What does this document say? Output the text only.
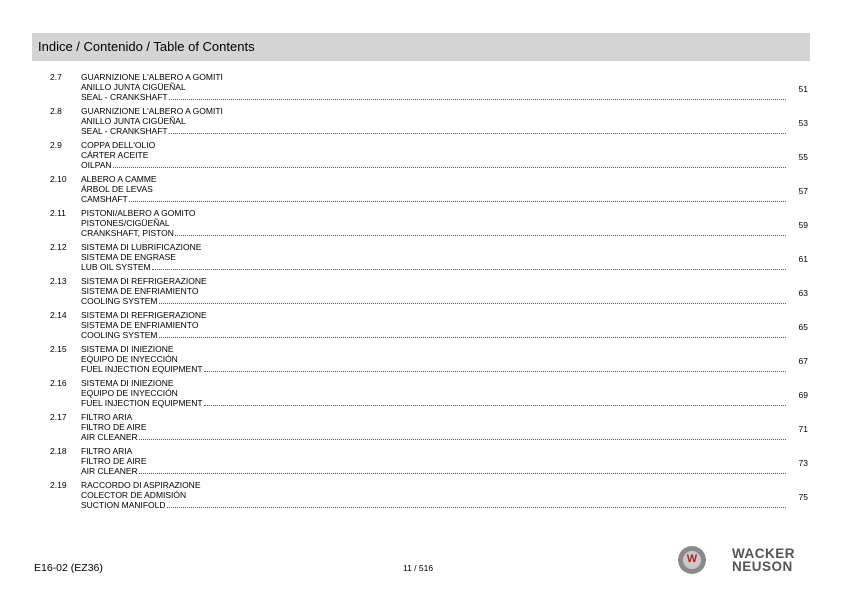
Indice / Contenido / Table of Contents
2.7 GUARNIZIONE L'ALBERO A GOMITI
ANILLO JUNTA CIGÜEÑAL
SEAL - CRANKSHAFT
51
2.8 GUARNIZIONE L'ALBERO A GOMITI
ANILLO JUNTA CIGÜEÑAL
SEAL - CRANKSHAFT
53
2.9 COPPA DELL'OLIO
CÁRTER ACEITE
OILPAN
55
2.10 ALBERO A CAMME
ÁRBOL DE LEVAS
CAMSHAFT
57
2.11 PISTONI/ALBERO A GOMITO
PISTONES/CIGÜEÑAL
CRANKSHAFT, PISTON
59
2.12 SISTEMA DI LUBRIFICAZIONE
SISTEMA DE ENGRASE
LUB OIL SYSTEM
61
2.13 SISTEMA DI REFRIGERAZIONE
SISTEMA DE ENFRIAMIENTO
COOLING SYSTEM
63
2.14 SISTEMA DI REFRIGERAZIONE
SISTEMA DE ENFRIAMIENTO
COOLING SYSTEM
65
2.15 SISTEMA DI INIEZIONE
EQUIPO DE INYECCIÓN
FUEL INJECTION EQUIPMENT
67
2.16 SISTEMA DI INIEZIONE
EQUIPO DE INYECCIÓN
FUEL INJECTION EQUIPMENT
69
2.17 FILTRO ARIA
FILTRO DE AIRE
AIR CLEANER
71
2.18 FILTRO ARIA
FILTRO DE AIRE
AIR CLEANER
73
2.19 RACCORDO DI ASPIRAZIONE
COLECTOR DE ADMISIÓN
SUCTION MANIFOLD
75
E16-02 (EZ36)	11 / 516
W	WACKER
NEUSON
